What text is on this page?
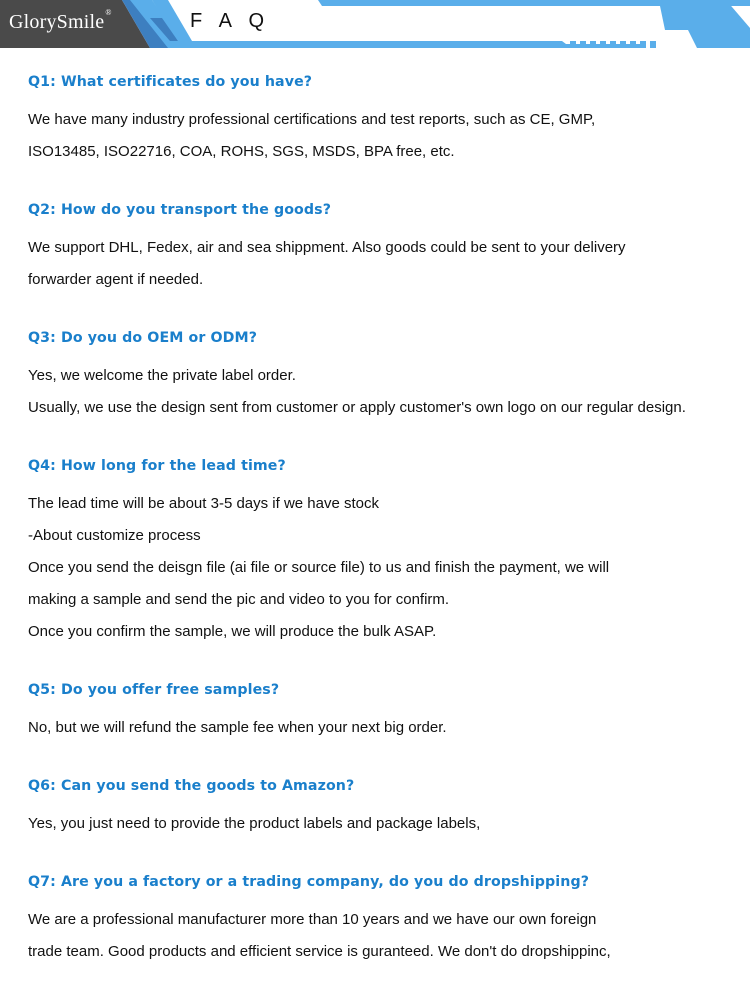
GlorySmile®	F A Q

Q1: What certificates do you have?

We have many industry professional certifications and test reports, such as CE, GMP,
ISO13485, ISO22716, COA, ROHS, SGS, MSDS, BPA free, etc.

Q2: How do you transport the goods?

We support DHL, Fedex, air and sea shippment. Also goods could be sent to your delivery
forwarder agent if needed.

Q3: Do you do OEM or ODM?

Yes, we welcome the private label order.
Usually, we use the design sent from customer or apply customer's own logo on our regular design.

Q4: How long for the lead time?

The lead time will be about 3-5 days if we have stock
-About customize process
Once you send the deisgn file (ai file or source file) to us and finish the payment, we will
making a sample and send the pic and video to you for confirm.
Once you confirm the sample, we will produce the bulk ASAP.

Q5: Do you offer free samples?

No, but we will refund the sample fee when your next big order.

Q6: Can you send the goods to Amazon?

Yes, you just need to provide the product labels and package labels,

Q7: Are you a factory or a trading company, do you do dropshipping?

We are a professional manufacturer more than 10 years and we have our own foreign
trade team. Good products and efficient service is guranteed. We don't do dropshippinc,
